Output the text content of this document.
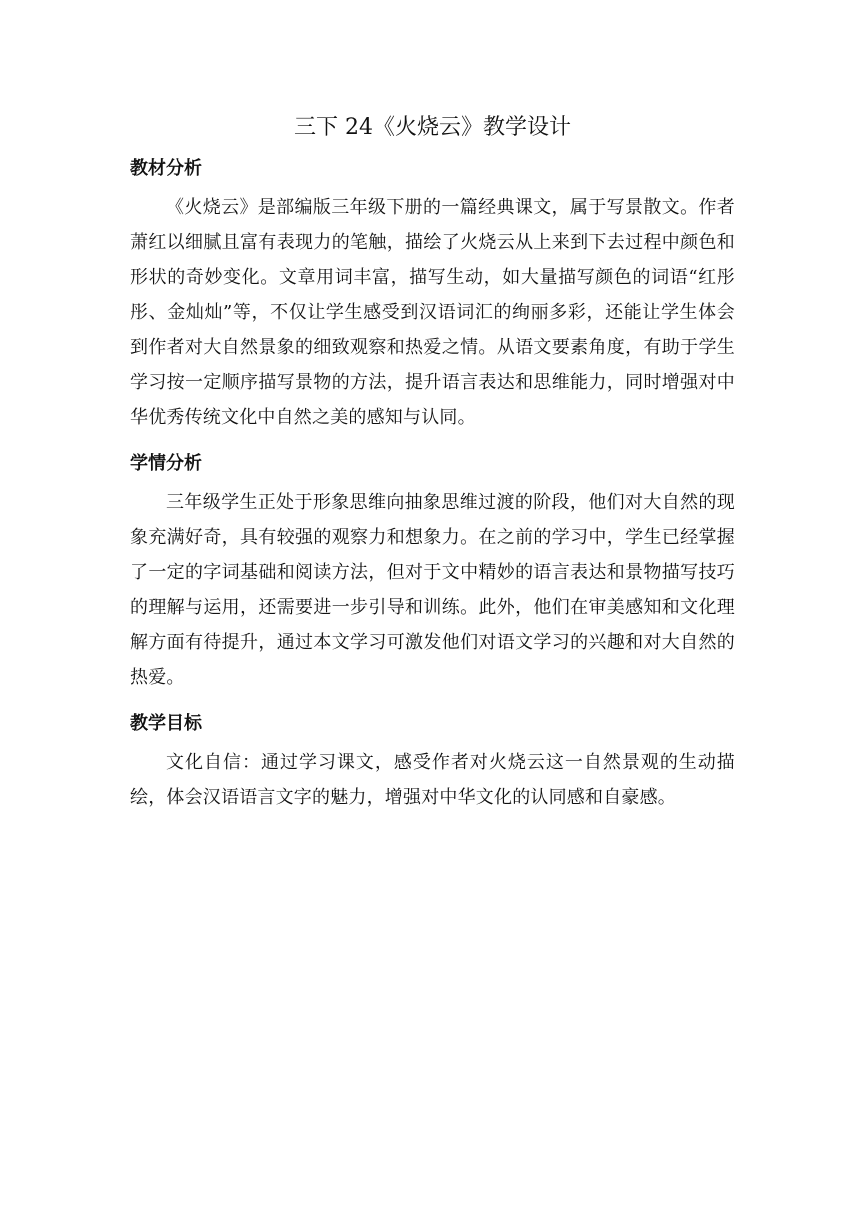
三下 24《火烧云》教学设计
教材分析

《火烧云》是部编版三年级下册的一篇经典课文，属于写景散文。作者萧红以细腻且富有表现力的笔触，描绘了火烧云从上来到下去过程中颜色和形状的奇妙变化。文章用词丰富，描写生动，如大量描写颜色的词语“红彤彤、金灿灿”等，不仅让学生感受到汉语词汇的绚丽多彩，还能让学生体会到作者对大自然景象的细致观察和热爱之情。从语文要素角度，有助于学生学习按一定顺序描写景物的方法，提升语言表达和思维能力，同时增强对中华优秀传统文化中自然之美的感知与认同。

学情分析

三年级学生正处于形象思维向抽象思维过渡的阶段，他们对大自然的现象充满好奇，具有较强的观察力和想象力。在之前的学习中，学生已经掌握了一定的字词基础和阅读方法，但对于文中精妙的语言表达和景物描写技巧的理解与运用，还需要进一步引导和训练。此外，他们在审美感知和文化理解方面有待提升，通过本文学习可激发他们对语文学习的兴趣和对大自然的热爱。

教学目标

文化自信：通过学习课文，感受作者对火烧云这一自然景观的生动描绘，体会汉语语言文字的魅力，增强对中华文化的认同感和自豪感。
